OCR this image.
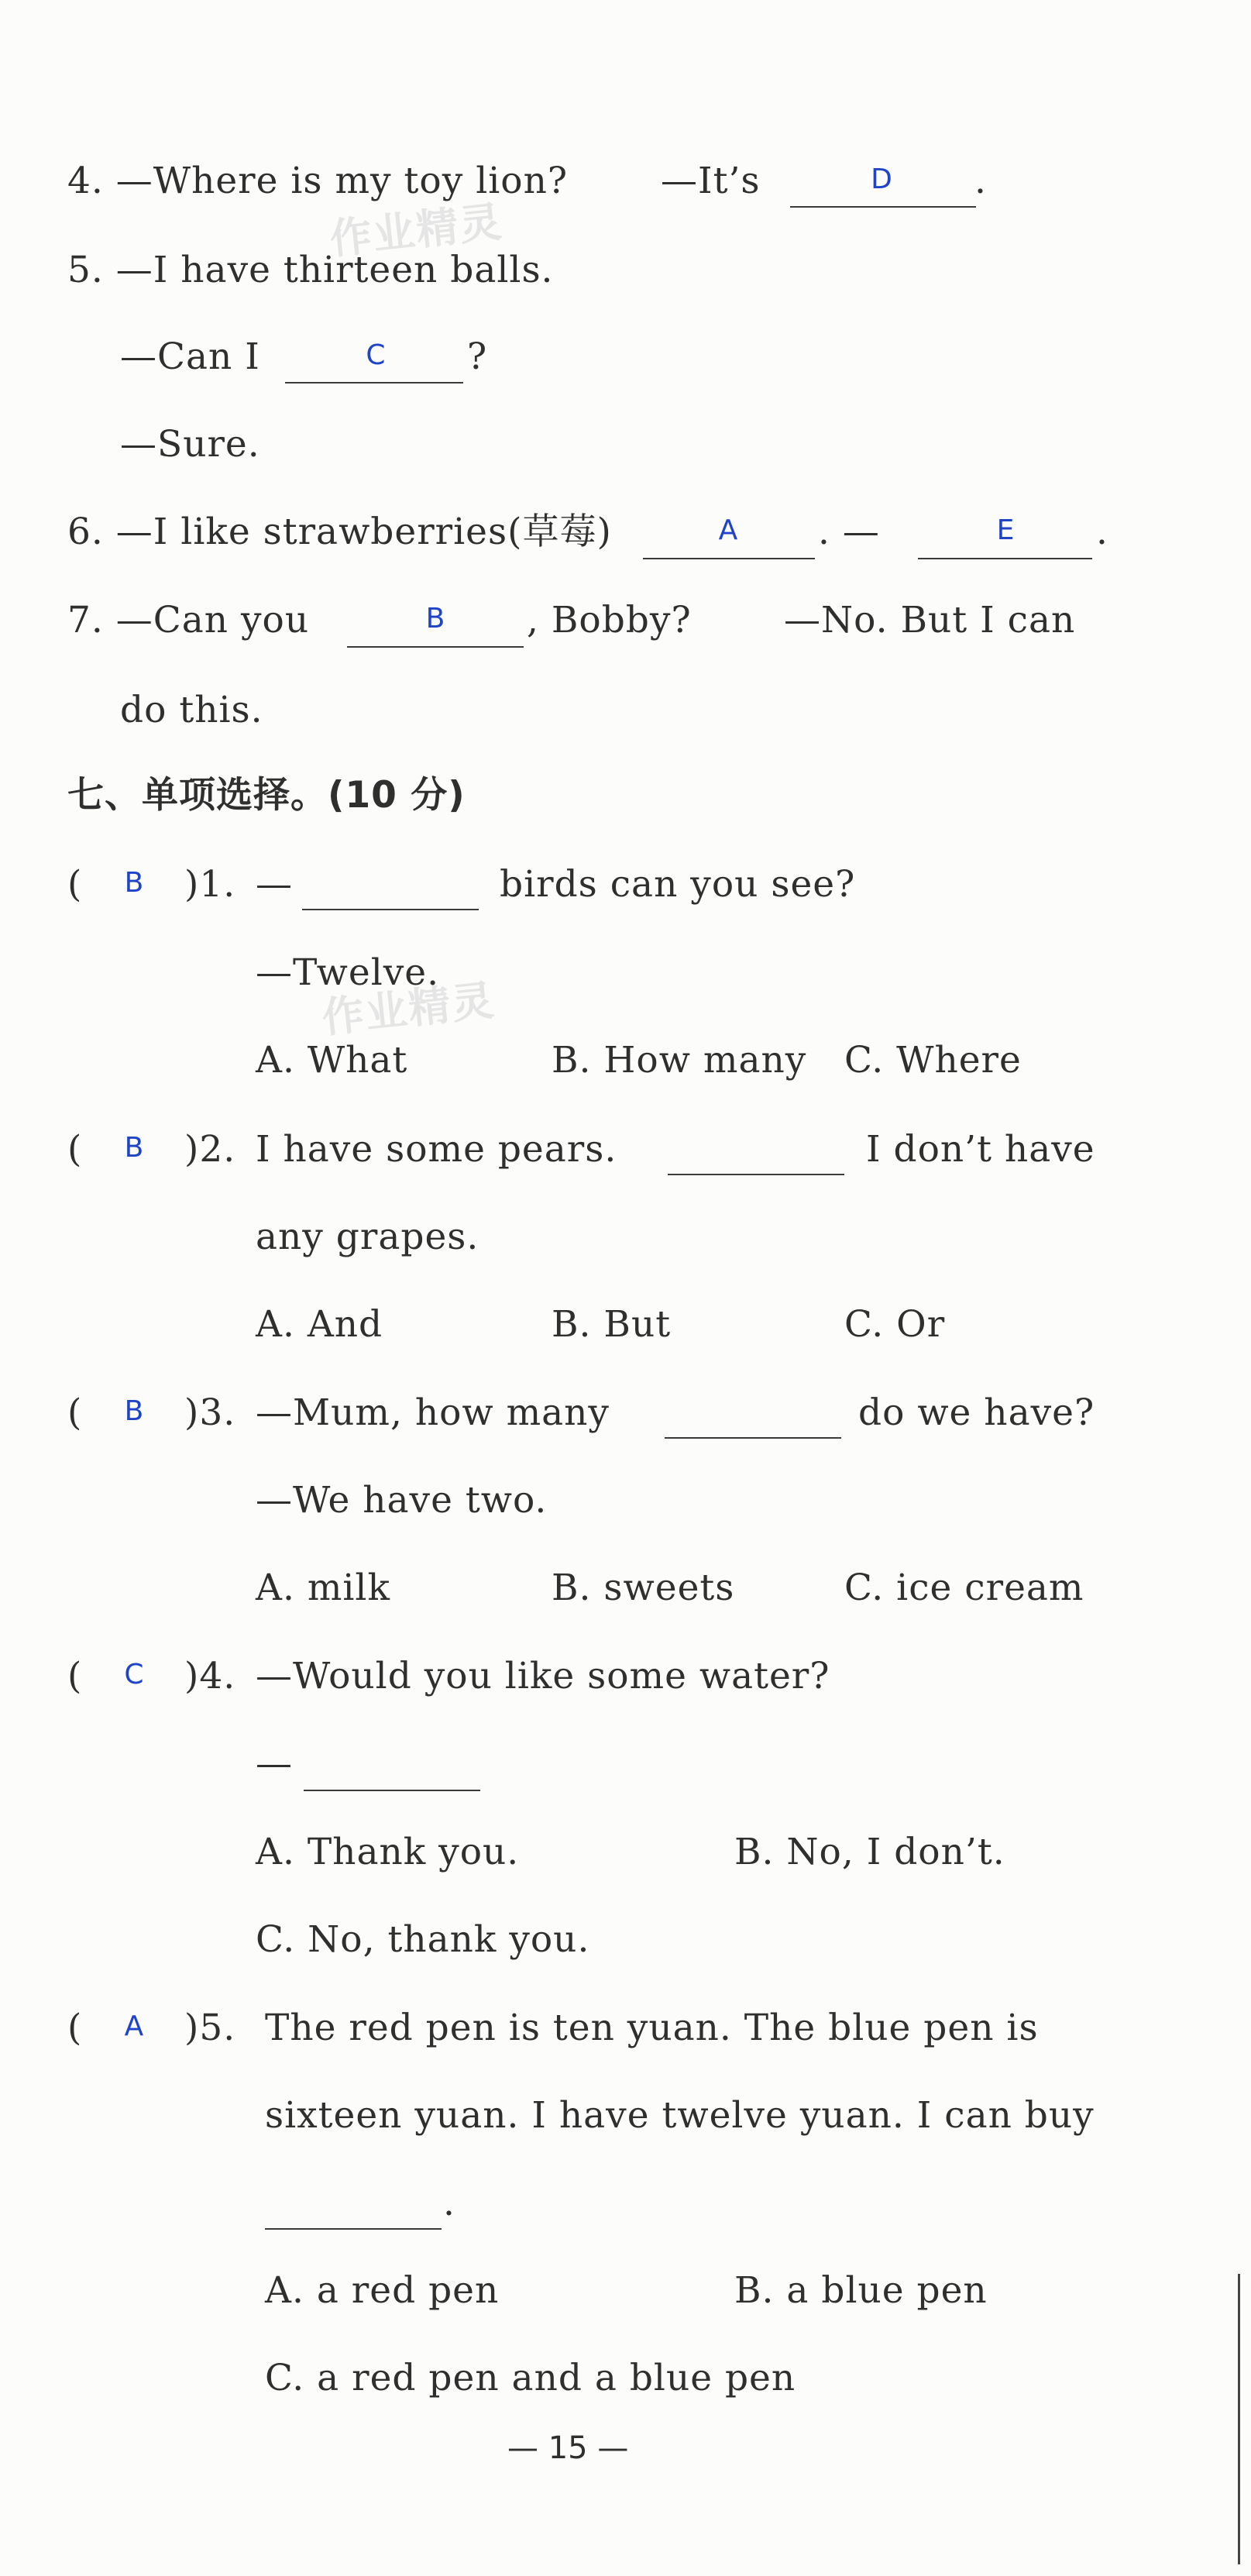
作业精灵
作业精灵
4. —Where is my toy lion?	—It’s	D	.
5. —I have thirteen balls.
—Can I	C	?
—Sure.
6. —I like strawberries(草莓)	A	. —	E	.
7. —Can you	B	, Bobby?	—No. But I can
do this.
七、单项选择。(10 分)
(	B	)1. —	birds can you see?
—Twelve.
A. What	B. How many C. Where
(	B	)2. I have some pears.	I don’t have
any grapes.
A. And	B. But	C. Or
(	B	)3. —Mum, how many	do we have?
—We have two.
A. milk	B. sweets	C. ice cream
(	C	)4. —Would you like some water?
—
A. Thank you.	B. No, I don’t.
C. No, thank you.
(	A	)5. The red pen is ten yuan. The blue pen is
sixteen yuan. I have twelve yuan. I can buy
.
A. a red pen	B. a blue pen
C. a red pen and a blue pen
— 15 —
